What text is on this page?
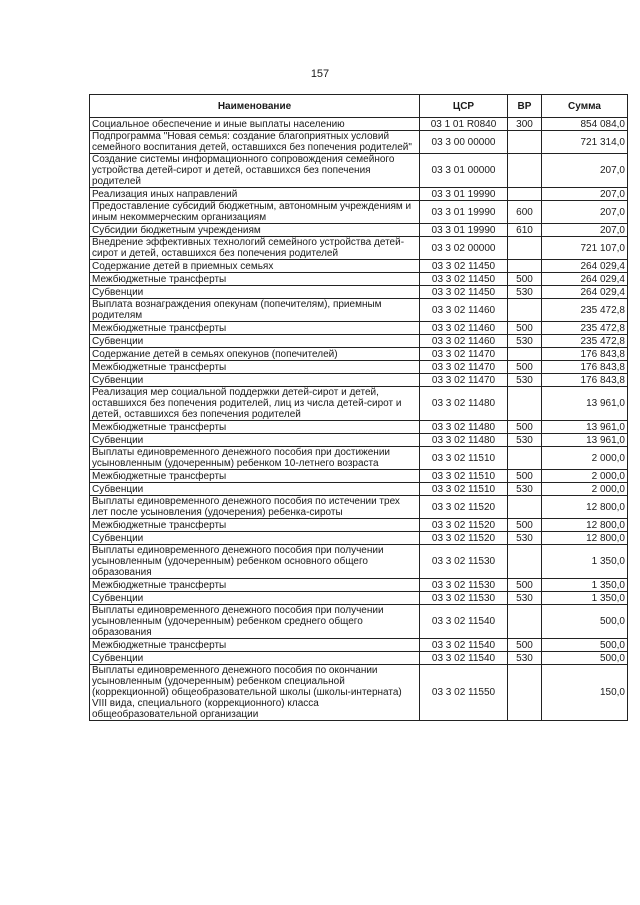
157
Наименование	ЦСР	ВР	Сумма
Социальное обеспечение и иные выплаты населению	03 1 01 R0840	300	854 084,0
Подпрограмма "Новая семья: создание благоприятных условий семейного воспитания детей, оставшихся без попечения родителей"	03 3 00 00000		721 314,0
Создание системы информационного сопровождения семейного устройства детей-сирот и детей, оставшихся без попечения родителей	03 3 01 00000		207,0
Реализация иных направлений	03 3 01 19990		207,0
Предоставление субсидий бюджетным, автономным учреждениям и иным некоммерческим организациям	03 3 01 19990	600	207,0
Субсидии бюджетным учреждениям	03 3 01 19990	610	207,0
Внедрение эффективных технологий семейного устройства детей-сирот и детей, оставшихся без попечения родителей	03 3 02 00000		721 107,0
Содержание детей в приемных семьях	03 3 02 11450		264 029,4
Межбюджетные трансферты	03 3 02 11450	500	264 029,4
Субвенции	03 3 02 11450	530	264 029,4
Выплата вознаграждения опекунам (попечителям), приемным родителям	03 3 02 11460		235 472,8
Межбюджетные трансферты	03 3 02 11460	500	235 472,8
Субвенции	03 3 02 11460	530	235 472,8
Содержание детей в семьях опекунов (попечителей)	03 3 02 11470		176 843,8
Межбюджетные трансферты	03 3 02 11470	500	176 843,8
Субвенции	03 3 02 11470	530	176 843,8
Реализация мер социальной поддержки детей-сирот и детей, оставшихся без попечения родителей, лиц из числа детей-сирот и детей, оставшихся без попечения родителей	03 3 02 11480		13 961,0
Межбюджетные трансферты	03 3 02 11480	500	13 961,0
Субвенции	03 3 02 11480	530	13 961,0
Выплаты единовременного денежного пособия при достижении усыновленным (удочеренным) ребенком 10-летнего возраста	03 3 02 11510		2 000,0
Межбюджетные трансферты	03 3 02 11510	500	2 000,0
Субвенции	03 3 02 11510	530	2 000,0
Выплаты единовременного денежного пособия по истечении трех лет после усыновления (удочерения) ребенка-сироты	03 3 02 11520		12 800,0
Межбюджетные трансферты	03 3 02 11520	500	12 800,0
Субвенции	03 3 02 11520	530	12 800,0
Выплаты единовременного денежного пособия при получении усыновленным (удочеренным) ребенком основного общего образования	03 3 02 11530		1 350,0
Межбюджетные трансферты	03 3 02 11530	500	1 350,0
Субвенции	03 3 02 11530	530	1 350,0
Выплаты единовременного денежного пособия при получении усыновленным (удочеренным) ребенком среднего общего образования	03 3 02 11540		500,0
Межбюджетные трансферты	03 3 02 11540	500	500,0
Субвенции	03 3 02 11540	530	500,0
Выплаты единовременного денежного пособия по окончании усыновленным (удочеренным) ребенком специальной (коррекционной) общеобразовательной школы (школы-интерната) VIII вида, специального (коррекционного) класса общеобразовательной организации	03 3 02 11550		150,0
